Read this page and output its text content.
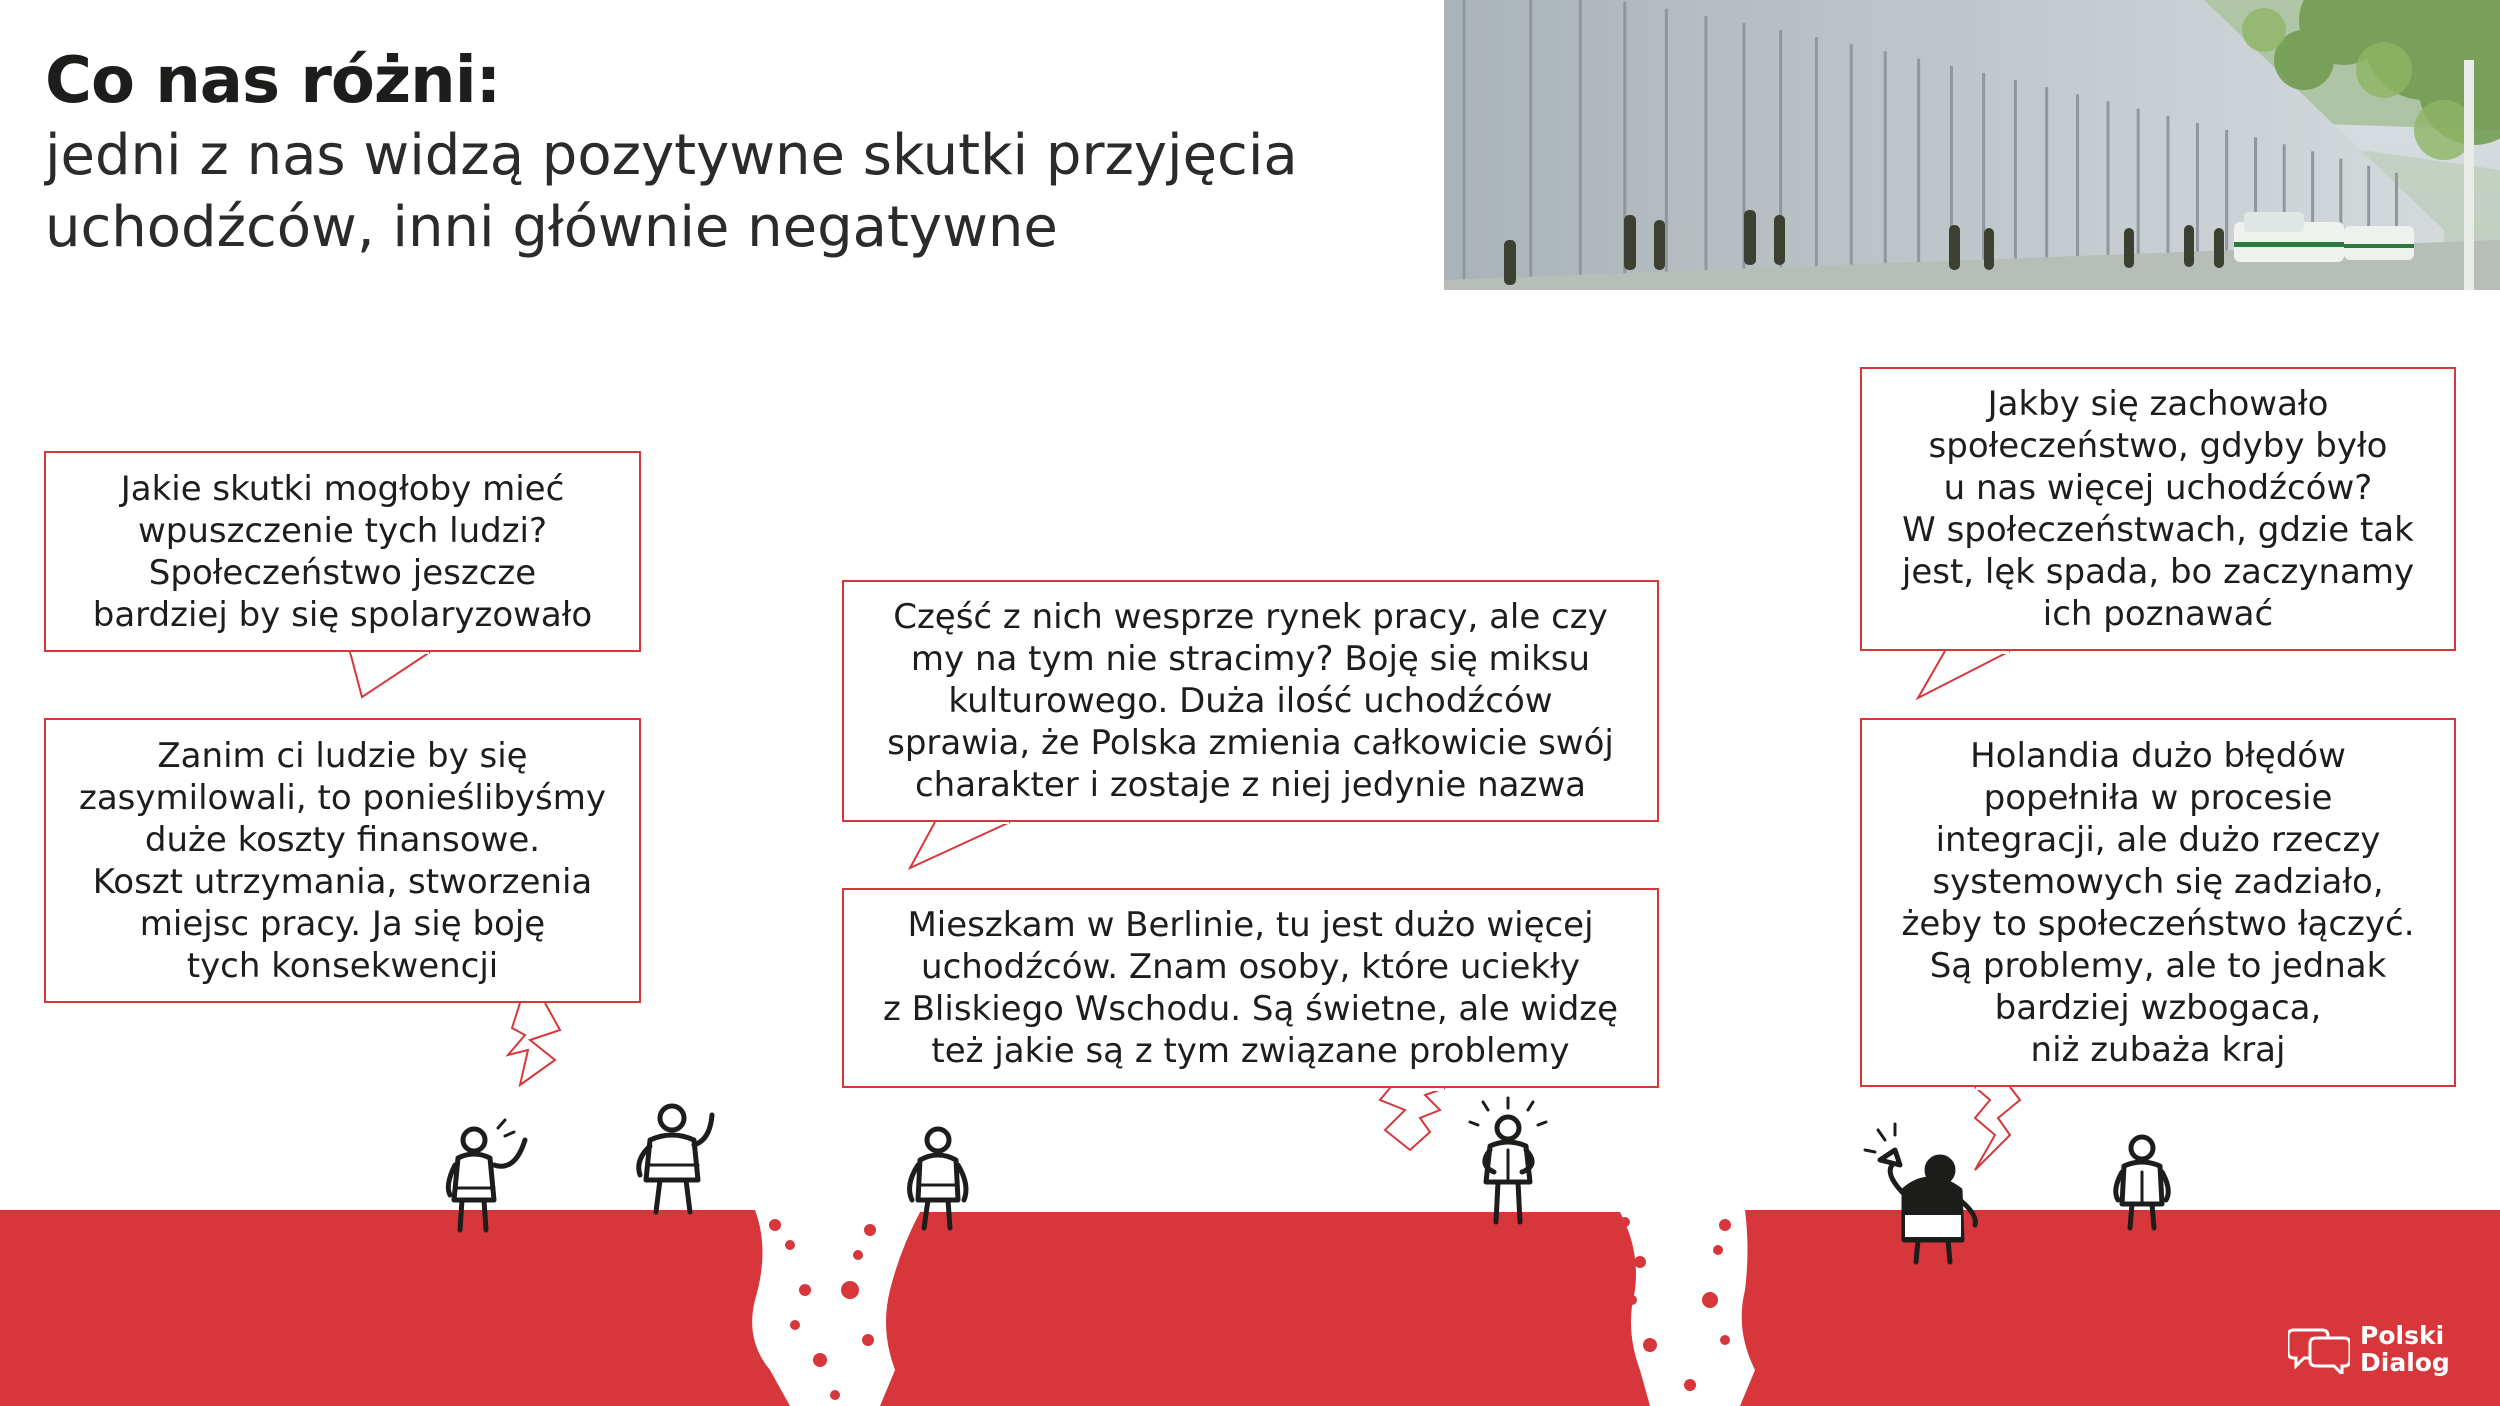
Co nas różni:

jedni z nas widzą pozytywne skutki przyjęcia

uchodźców, inni głównie negatywne

Jakie skutki mogłoby mieć
wpuszczenie tych ludzi?
Społeczeństwo jeszcze
bardziej by się spolaryzowało
Zanim ci ludzie by się
zasymilowali, to ponieślibyśmy
duże koszty finansowe.
Koszt utrzymania, stworzenia
miejsc pracy. Ja się boję
tych konsekwencji
Część z nich wesprze rynek pracy, ale czy
my na tym nie stracimy? Boję się miksu
kulturowego. Duża ilość uchodźców
sprawia, że Polska zmienia całkowicie swój
charakter i zostaje z niej jedynie nazwa
Mieszkam w Berlinie, tu jest dużo więcej
uchodźców. Znam osoby, które uciekły
z Bliskiego Wschodu. Są świetne, ale widzę
też jakie są z tym związane problemy
Jakby się zachowało
społeczeństwo, gdyby było
u nas więcej uchodźców?
W społeczeństwach, gdzie tak
jest, lęk spada, bo zaczynamy
ich poznawać
Holandia dużo błędów
popełniła w procesie
integracji, ale dużo rzeczy
systemowych się zadziało,
żeby to społeczeństwo łączyć.
Są problemy, ale to jednak
bardziej wzbogaca,
niż zubaża kraj
Polski
Dialog
